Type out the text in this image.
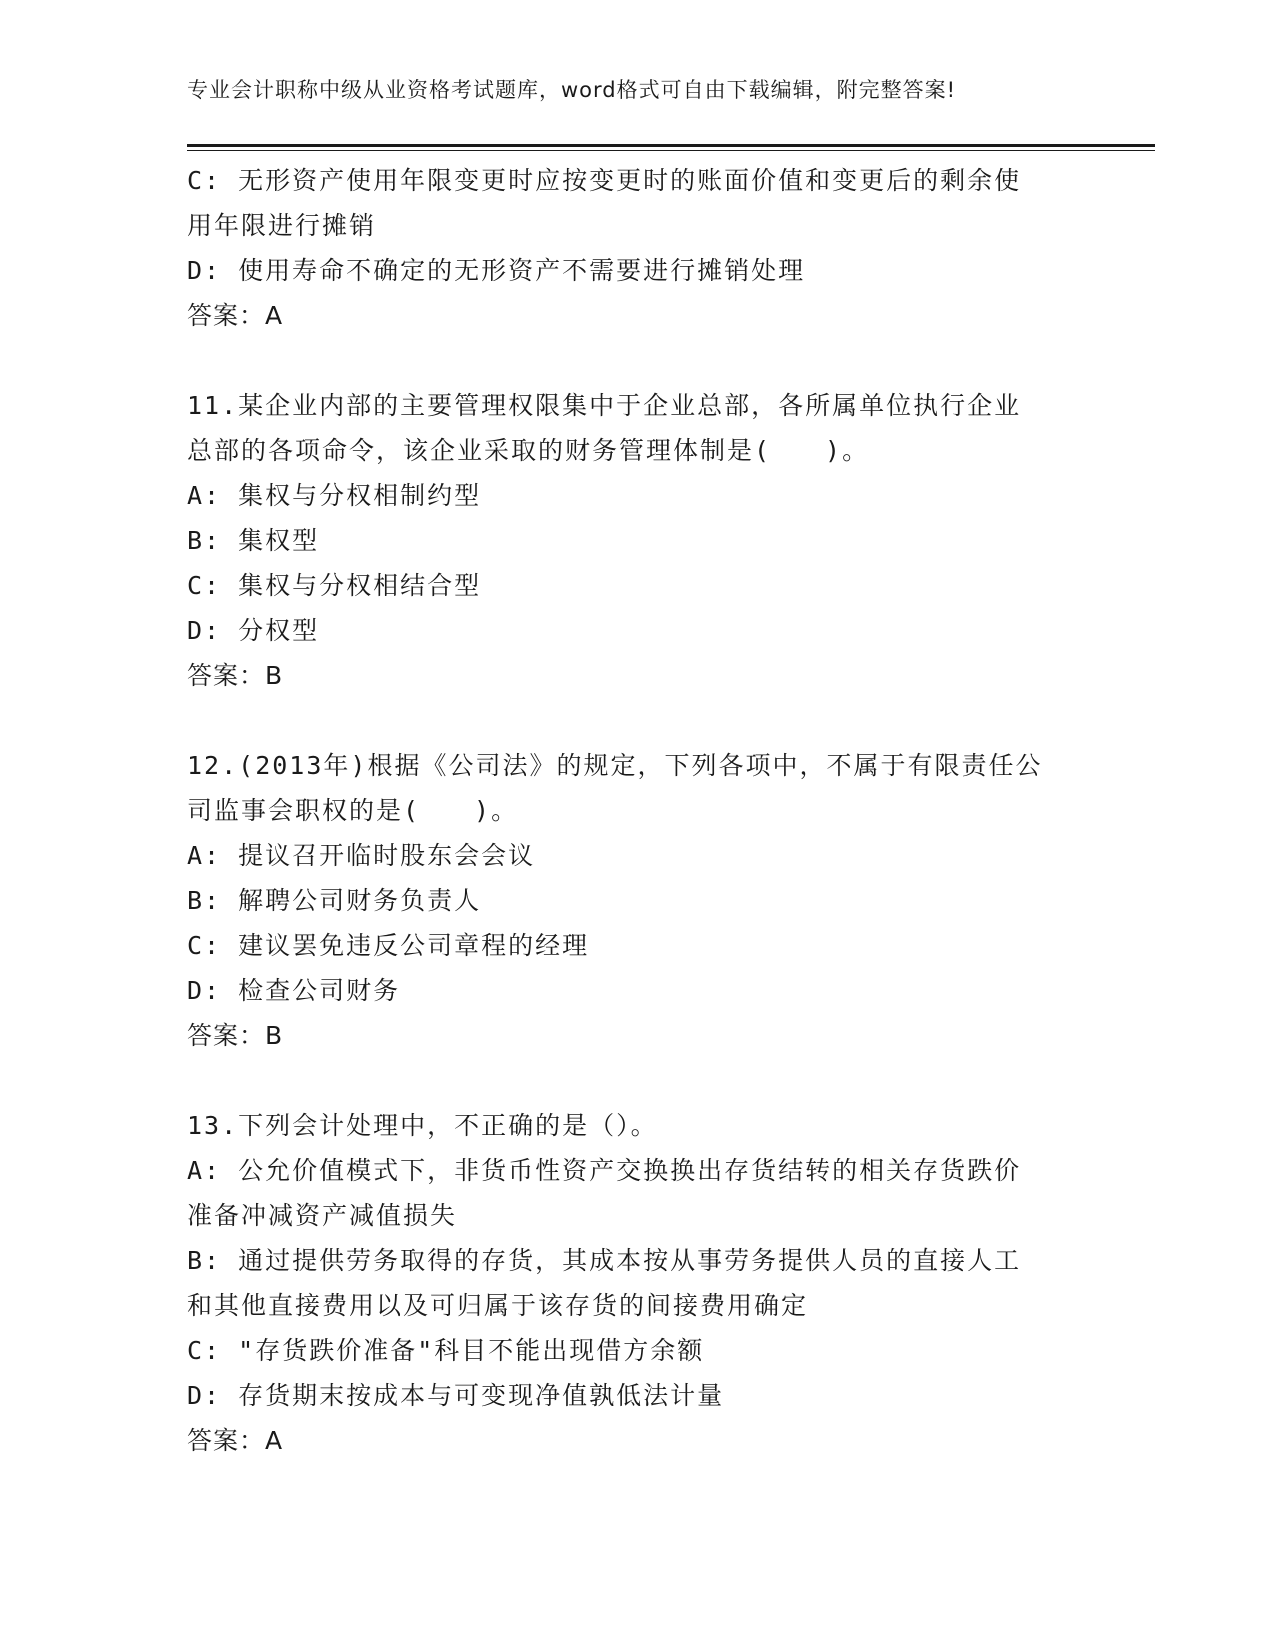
专业会计职称中级从业资格考试题库，word格式可自由下载编辑，附完整答案!
C: 无形资产使用年限变更时应按变更时的账面价值和变更后的剩余使
用年限进行摊销
D: 使用寿命不确定的无形资产不需要进行摊销处理
答案：A
11.某企业内部的主要管理权限集中于企业总部，各所属单位执行企业
总部的各项命令，该企业采取的财务管理体制是(　　)。
A: 集权与分权相制约型
B: 集权型
C: 集权与分权相结合型
D: 分权型
答案：B
12.(2013年)根据《公司法》的规定，下列各项中，不属于有限责任公
司监事会职权的是(　　)。
A: 提议召开临时股东会会议
B: 解聘公司财务负责人
C: 建议罢免违反公司章程的经理
D: 检查公司财务
答案：B
13.下列会计处理中，不正确的是（）。
A: 公允价值模式下，非货币性资产交换换出存货结转的相关存货跌价
准备冲减资产减值损失
B: 通过提供劳务取得的存货，其成本按从事劳务提供人员的直接人工
和其他直接费用以及可归属于该存货的间接费用确定
C: "存货跌价准备"科目不能出现借方余额
D: 存货期末按成本与可变现净值孰低法计量
答案：A
